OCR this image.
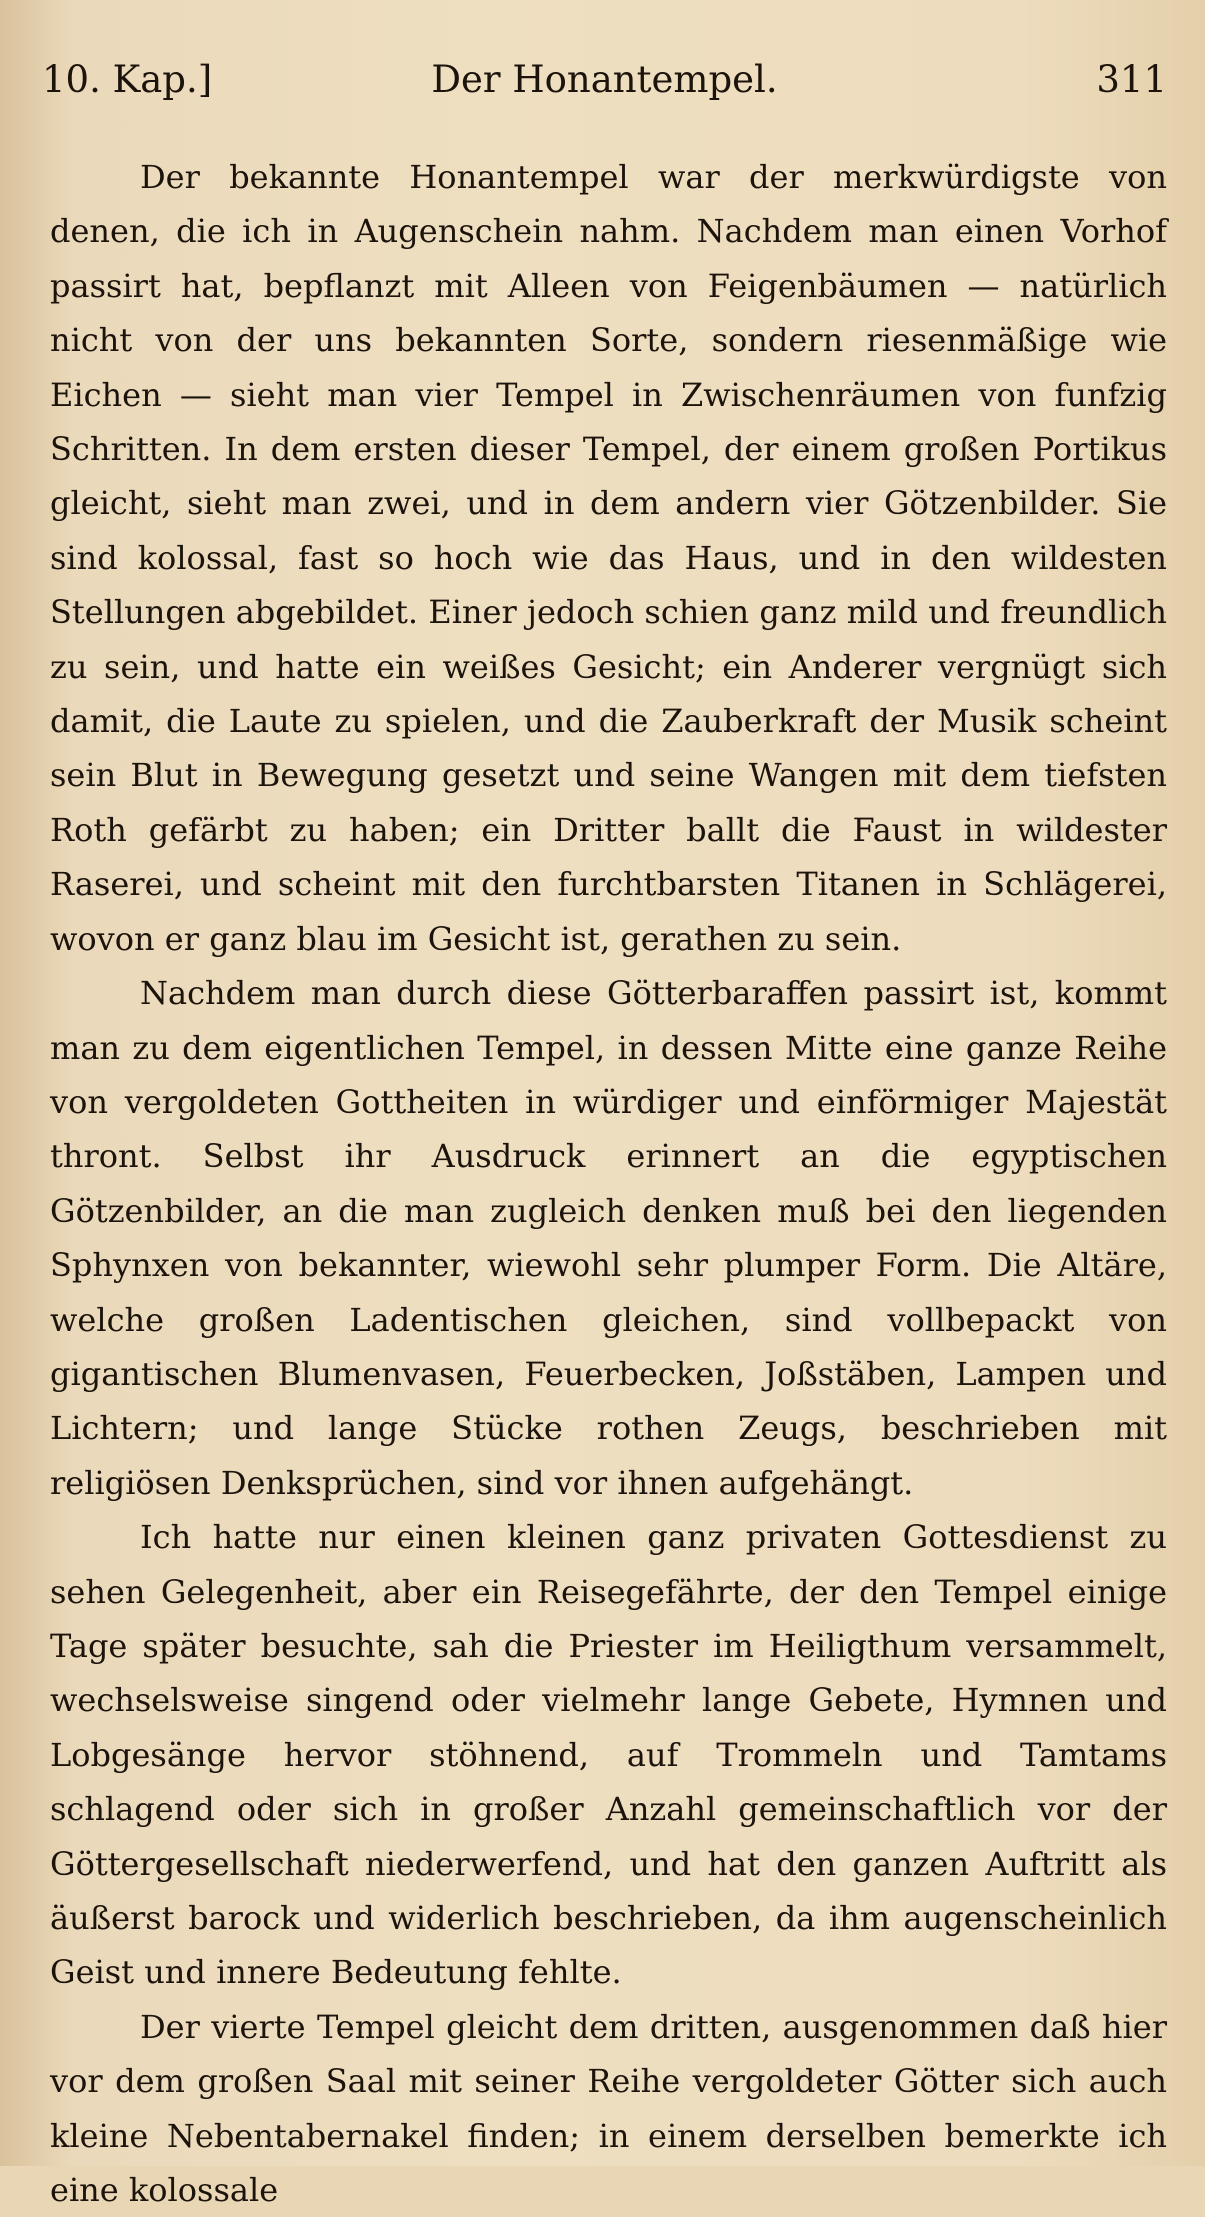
10. Kap.]	Der Honantempel.	311

Der bekannte Honantempel war der merkwürdigste von denen, die ich in Augenschein nahm. Nachdem man einen Vorhof passirt hat, bepflanzt mit Alleen von Feigenbäumen — natürlich nicht von der uns bekannten Sorte, sondern riesenmäßige wie Eichen — sieht man vier Tempel in Zwischenräumen von funfzig Schritten. In dem ersten dieser Tempel, der einem großen Portikus gleicht, sieht man zwei, und in dem andern vier Götzenbilder. Sie sind kolossal, fast so hoch wie das Haus, und in den wildesten Stellungen abgebildet. Einer jedoch schien ganz mild und freundlich zu sein, und hatte ein weißes Gesicht; ein Anderer vergnügt sich damit, die Laute zu spielen, und die Zauberkraft der Musik scheint sein Blut in Bewegung gesetzt und seine Wangen mit dem tiefsten Roth gefärbt zu haben; ein Dritter ballt die Faust in wildester Raserei, und scheint mit den furchtbarsten Titanen in Schlägerei, wovon er ganz blau im Gesicht ist, gerathen zu sein.

Nachdem man durch diese Götterbaraffen passirt ist, kommt man zu dem eigentlichen Tempel, in dessen Mitte eine ganze Reihe von vergoldeten Gottheiten in würdiger und einförmiger Majestät thront. Selbst ihr Ausdruck erinnert an die egyptischen Götzenbilder, an die man zugleich denken muß bei den liegenden Sphynxen von bekannter, wiewohl sehr plumper Form. Die Altäre, welche großen Ladentischen gleichen, sind vollbepackt von gigantischen Blumenvasen, Feuerbecken, Joßstäben, Lampen und Lichtern; und lange Stücke rothen Zeugs, beschrieben mit religiösen Denksprüchen, sind vor ihnen aufgehängt.

Ich hatte nur einen kleinen ganz privaten Gottesdienst zu sehen Gelegenheit, aber ein Reisegefährte, der den Tempel einige Tage später besuchte, sah die Priester im Heiligthum versammelt, wechselsweise singend oder vielmehr lange Gebete, Hymnen und Lobgesänge hervor stöhnend, auf Trommeln und Tamtams schlagend oder sich in großer Anzahl gemeinschaftlich vor der Göttergesellschaft niederwerfend, und hat den ganzen Auftritt als äußerst barock und widerlich beschrieben, da ihm augenscheinlich Geist und innere Bedeutung fehlte.

Der vierte Tempel gleicht dem dritten, ausgenommen daß hier vor dem großen Saal mit seiner Reihe vergoldeter Götter sich auch kleine Nebentabernakel finden; in einem derselben bemerkte ich eine kolossale
